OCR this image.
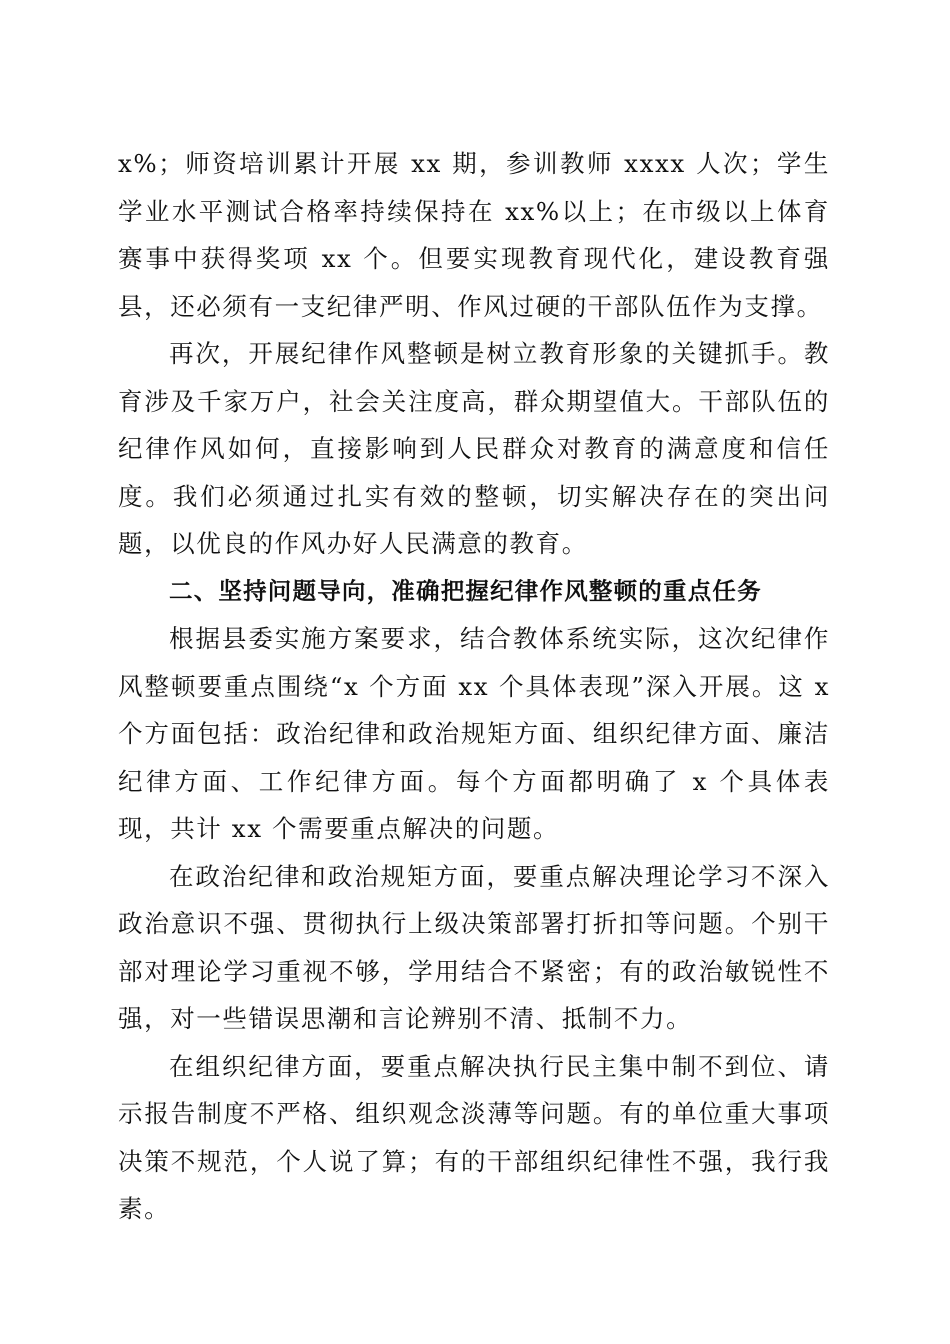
x%；师资培训累计开展 xx 期，参训教师 xxxx 人次；学生学业水平测试合格率持续保持在 xx%以上；在市级以上体育赛事中获得奖项 xx 个。但要实现教育现代化，建设教育强县，还必须有一支纪律严明、作风过硬的干部队伍作为支撑。

再次，开展纪律作风整顿是树立教育形象的关键抓手。教育涉及千家万户，社会关注度高，群众期望值大。干部队伍的纪律作风如何，直接影响到人民群众对教育的满意度和信任度。我们必须通过扎实有效的整顿，切实解决存在的突出问题，以优良的作风办好人民满意的教育。

二、坚持问题导向，准确把握纪律作风整顿的重点任务

根据县委实施方案要求，结合教体系统实际，这次纪律作风整顿要重点围绕“x 个方面 xx 个具体表现”深入开展。这 x 个方面包括：政治纪律和政治规矩方面、组织纪律方面、廉洁纪律方面、工作纪律方面。每个方面都明确了 x 个具体表现，共计 xx 个需要重点解决的问题。

在政治纪律和政治规矩方面，要重点解决理论学习不深入政治意识不强、贯彻执行上级决策部署打折扣等问题。个别干部对理论学习重视不够，学用结合不紧密；有的政治敏锐性不强，对一些错误思潮和言论辨别不清、抵制不力。

在组织纪律方面，要重点解决执行民主集中制不到位、请示报告制度不严格、组织观念淡薄等问题。有的单位重大事项决策不规范，个人说了算；有的干部组织纪律性不强，我行我素。
